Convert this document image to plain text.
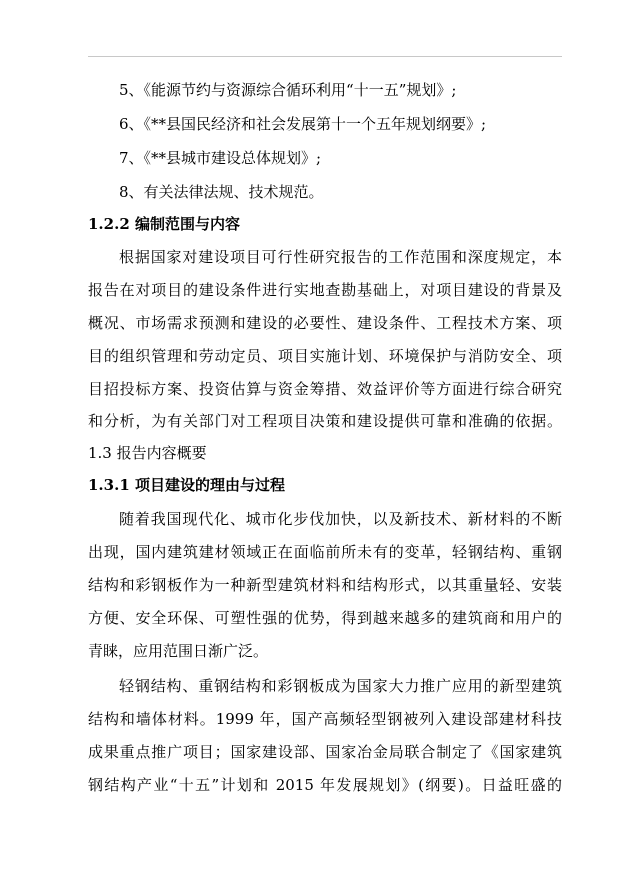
5、《能源节约与资源综合循环利用“十一五”规划》;
6、《**县国民经济和社会发展第十一个五年规划纲要》;
7、《**县城市建设总体规划》;
8、有关法律法规、技术规范。
1.2.2 编制范围与内容
根据国家对建设项目可行性研究报告的工作范围和深度规定，本
报告在对项目的建设条件进行实地查勘基础上，对项目建设的背景及
概况、市场需求预测和建设的必要性、建设条件、工程技术方案、项
目的组织管理和劳动定员、项目实施计划、环境保护与消防安全、项
目招投标方案、投资估算与资金筹措、效益评价等方面进行综合研究
和分析，为有关部门对工程项目决策和建设提供可靠和准确的依据。
1.3 报告内容概要
1.3.1 项目建设的理由与过程
随着我国现代化、城市化步伐加快，以及新技术、新材料的不断
出现，国内建筑建材领域正在面临前所未有的变革，轻钢结构、重钢
结构和彩钢板作为一种新型建筑材料和结构形式，以其重量轻、安装
方便、安全环保、可塑性强的优势，得到越来越多的建筑商和用户的
青睐，应用范围日渐广泛。
轻钢结构、重钢结构和彩钢板成为国家大力推广应用的新型建筑
结构和墙体材料。1999 年，国产高频轻型钢被列入建设部建材科技
成果重点推广项目；国家建设部、国家冶金局联合制定了《国家建筑
钢结构产业“十五”计划和 2015 年发展规划》(纲要)。日益旺盛的
